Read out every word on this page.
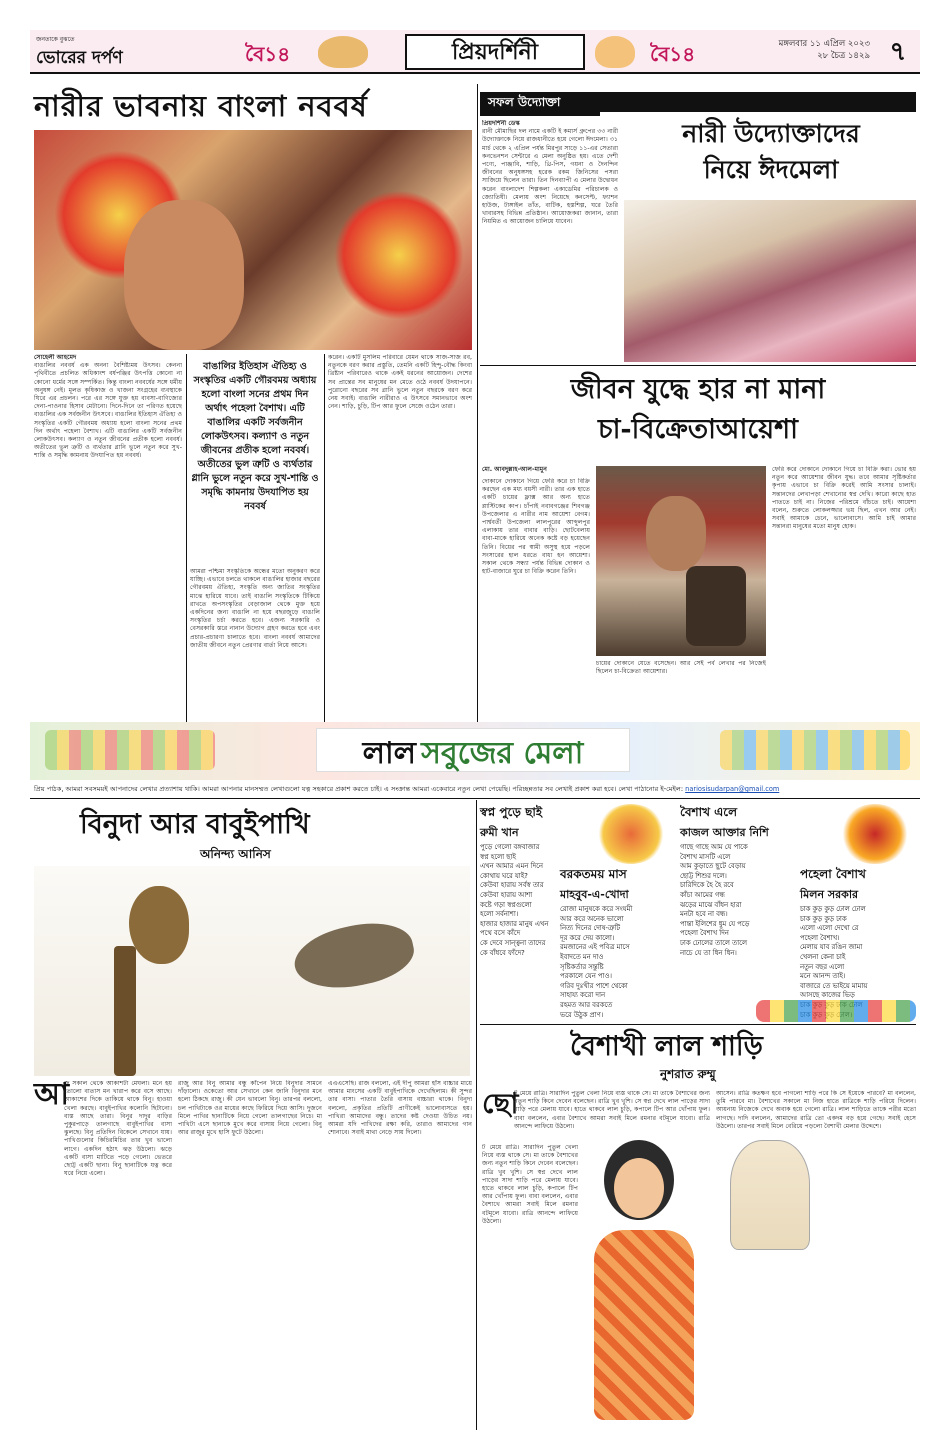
জনতাকে বুঝতে
ভোরের দর্পণ	বৈ১৪	প্রিয়দর্শিনী	বৈ১৪	মঙ্গলবার ১১ এপ্রিল ২০২৩
২৮ চৈত্র ১৪২৯ ৭
নারীর ভাবনায় বাংলা নববর্ষ
সোহেলী আহমেদ
বাঙালির নববর্ষ এক অনন্য বৈশিষ্ট্যময় উৎসব। কেননা পৃথিবীতে প্রচলিত অধিকাংশ বর্ষপঞ্জির উৎপত্তি কোনো না কোনো ধর্মের সঙ্গে সম্পর্কিত। কিন্তু বাংলা নববর্ষের সঙ্গে ধর্মীয় অনুষঙ্গ নেই। মূলত কৃষিকাজ ও খাজনা সংগ্রহের ব্যবস্থাকে ঘিরে এর প্রচলন। পরে এর সঙ্গে যুক্ত হয় ব্যবসা-বাণিজ্যের দেনা-পাওনার হিসাব মেটানো। দিনে-দিনে তা পরিণত হয়েছে বাঙালির এক সর্বজনীন উৎসবে। বাঙালির ইতিহাস ঐতিহ্য ও সংস্কৃতির একটি গৌরবময় অধ্যায় হলো বাংলা সনের প্রথম দিন অর্থাৎ পহেলা বৈশাখ। এটি বাঙালির একটি সর্বজনীন লোকউৎসব। কল্যাণ ও নতুন জীবনের প্রতীক হলো নববর্ষ। অতীতের ভুল ত্রুটি ও ব্যর্থতার গ্লানি ভুলে নতুন করে সুখ-শান্তি ও সমৃদ্ধি কামনায় উদযাপিত হয় নববর্ষ।
বাঙালির ইতিহাস ঐতিহ্য ও সংস্কৃতির একটি গৌরবময় অধ্যায় হলো বাংলা সনের প্রথম দিন অর্থাৎ পহেলা বৈশাখ। এটি বাঙালির একটি সর্বজনীন লোকউৎসব। কল্যাণ ও নতুন জীবনের প্রতীক হলো নববর্ষ। অতীতের ভুল ত্রুটি ও ব্যর্থতার গ্লানি ভুলে নতুন করে সুখ-শান্তি ও সমৃদ্ধি কামনায় উদযাপিত হয় নববর্ষ
আমরা পশ্চিমা সংস্কৃতিকে অন্ধের মতো অনুকরণ করে যাচ্ছি। এভাবে চলতে থাকলে বাঙালির হাজার বছরের গৌরবময় ঐতিহ্য, সংস্কৃতি অন্য জাতির সংস্কৃতির মাঝে হারিয়ে যাবে। তাই বাঙালি সংস্কৃতিকে টিকিয়ে রাখতে অপসংস্কৃতির বেড়াজাল থেকে মুক্ত হয়ে একদিনের জন্য বাঙালি না হয়ে বছরজুড়ে বাঙালি সংস্কৃতির চর্চা করতে হবে। এজন্য সরকারি ও বেসরকারি স্তরে নানান উদ্যোগ গ্রহণ করতে হবে এবং প্রচার-প্রচারণা চালাতে হবে। বাংলা নববর্ষ আমাদের জাতীয় জীবনে নতুন প্রেরণার বার্তা নিয়ে আসে।
করেন। একটি মুসলিম পরিবারে যেমন থাকে সাজ-সাজ রব, নতুনকে বরণ করার প্রস্তুতি, তেমনি একটি হিন্দু-বৌদ্ধ কিংবা খ্রিষ্টান পরিবারেও থাকে একই ধরনের আয়োজন। দেশের সব প্রান্তের সব মানুষের মন মেতে ওঠে নববর্ষ উদযাপনে। পুরোনো বছরের সব গ্লানি ভুলে নতুন বছরকে বরণ করে নেয় সবাই। বাঙালি নারীরাও এ উৎসবে সমানভাবে অংশ নেন। শাড়ি, চুড়ি, টিপ আর ফুলে সেজে ওঠেন তারা।
সফল উদ্যোক্তা
প্রিয়দর্শিনী ডেস্ক
রানী মৌমাছির দল নামে একটি ই কমার্স গ্রুপের ৩৩ নারী উদ্যোক্তাকে নিয়ে রাজধানীতে হয়ে গেলো ঈদমেলা। ৩১ মার্চ থেকে ২ এপ্রিল পর্যন্ত মিরপুর সাড়ে ১১-এর সেতারা কনভেনশন সেন্টারে এ মেলা অনুষ্ঠিত হয়। এতে দেশী পণ্যে, পাঞ্জাবি, শাড়ি, থ্রি-পিস, গয়না ও দৈনন্দিন জীবনের অনুষঙ্গসহ হরেক রকম জিনিসের পসরা সাজিয়ে ছিলেন তারা। তিন দিনব্যাপী এ মেলার উদ্বোধন করেন বাংলাদেশ শিল্পকলা একাডেমির পরিচালক ও জ্যোতিষী। মেলায় অংশ নিয়েছে কনসেপ্ট, ফ্যাশন হাউজ, টাঙ্গাইল তাঁত, বাটিক, হস্তশিল্প, ঘরে তৈরি খাবারসহ বিভিন্ন প্রতিষ্ঠান। আয়োজকরা জানান, তারা নিয়মিত এ আয়োজন চালিয়ে যাবেন।
নারী উদ্যোক্তাদের
নিয়ে ঈদমেলা
জীবন যুদ্ধে হার না মানা
চা-বিক্রেতাআয়েশা
মো. আবদুল্লাহ-আল-মামুন
দোকানে দোকানে গিয়ে ফেরি করে চা বিক্রি করছেন এক মধ্য বয়সী নারী। তার এক হাতে একটি চায়ের ফ্লাক্স আর অন্য হাতে প্লাস্টিকের কাপ। চাঁপাই নবাবগঞ্জের শিবগঞ্জ উপজেলার এ নারীর নাম আয়েশা বেগম। পার্শ্ববর্তী উপজেলা লালপুরের আব্দুলপুর এলাকায় তার বাবার বাড়ি। ছোটবেলায় বাবা-মাকে হারিয়ে অনেক কষ্টে বড় হয়েছেন তিনি। বিয়ের পর স্বামী অসুস্থ হয়ে পড়লে সংসারের হাল ধরতে বাধ্য হন আয়েশা। সকাল থেকে সন্ধ্যা পর্যন্ত বিভিন্ন দোকান ও হাট-বাজারে ঘুরে চা বিক্রি করেন তিনি।
চায়ের দোকানে যেতে বসেছেন। আর সেই পর্ব লেখার পর নিজেই ছিলেন চা-বিক্রেতা আয়েশার।
ফেরি করে দোকানে দোকানে গিয়ে চা বিক্রি করা। ভোর হয় নতুন করে আয়েশার জীবন যুদ্ধ। তবে আমার সৃষ্টিকর্তার কৃপায় এভাবে চা বিক্রি করেই আমি সংসার চালাই। সন্তানদের লেখাপড়া শেখানোর স্বপ্ন দেখি। কারো কাছে হাত পাততে চাই না। নিজের পরিশ্রমে বাঁচতে চাই। আয়েশা বলেন, শুরুতে লোকলজ্জার ভয় ছিল, এখন আর নেই। সবাই আমাকে চেনে, ভালোবাসে। আমি চাই আমার সন্তানরা মানুষের মতো মানুষ হোক।
লাল সবুজের মেলা
প্রিয় পাঠক, আমরা সবসময়ই আপনাদের লেখার প্রত্যাশায় থাকি। আমরা আপনার মানসম্মত লেখাগুলো যত্ন সহকারে প্রকাশ করতে চাই। এ সংক্রান্ত আমরা একেবারে নতুন লেখা পেয়েছি। পরিচ্ছন্নতার সব লেখাই প্রকাশ করা হবে। লেখা পাঠানোর ই-মেইল: nariosisudarpan@gmail.com
বিনুদা আর বাবুইপাখি
অনিন্দ্য আনিস
আ
জ সকাল থেকে আকাশটা মেঘলা। মনে হয় তোলো বাতাস মন খারাপ করে বসে আছে। আকাশের দিকে তাকিয়ে থাকে বিনু। হাওয়া খেলা করছে। বাবুইপাখির কলোনি ছিটানো। ব্যস্ত আছে তারা। বিনুর দাদুর বাড়ির পুকুরপাড়ে তালগাছে বাবুইপাখির বাসা ঝুলছে। বিনু প্রতিদিন বিকেলে সেখানে যায়। পাখিগুলোর কিচিরমিচির তার খুব ভালো লাগে। একদিন হঠাৎ ঝড় উঠলো। ঝড়ে একটি বাসা মাটিতে পড়ে গেলো। ভেতরে ছোট্ট একটি ছানা। বিনু ছানাটিকে যত্ন করে ঘরে নিয়ে এলো।
রাজু আর বিনু আমার বন্ধু কাঁপেন নিয়ে বিনুদার সামনে দাঁড়ালো। ওকেতো আর সেখানে কেন জানি বিনুদার মনে হলো ঠিকছে রাজু। কী যেন ভাবলো বিনু। তারপর বললো, চল পাখিটাকে ওর মায়ের কাছে ফিরিয়ে দিয়ে আসি। দুজনে মিলে পাখির ছানাটিকে নিয়ে গেলো তালগাছের নিচে। মা পাখিটা এসে ছানাকে মুখে করে বাসায় নিয়ে গেলো। বিনু আর রাজুর মুখে হাসি ফুটে উঠলো।
এএএসেছি। রাজ বললো, এই দীপু আমরা হাঁস বাচ্চার মায়ে আমার মাংসের একটি বাবুইপাখিকে দেখেছিলাম। কী সুন্দর তার বাসা। পাতার তৈরি বাসায় বাচ্চারা থাকে। বিনুদা বললো, প্রকৃতির প্রতিটি প্রাণীকেই ভালোবাসতে হয়। পাখিরা আমাদের বন্ধু। তাদের কষ্ট দেওয়া উচিত নয়। আমরা যদি পাখিদের রক্ষা করি, তারাও আমাদের গান শোনাবে। সবাই মাথা নেড়ে সায় দিলো।
স্বপ্ন পুড়ে ছাই
রুমী খান
পুড়ে গেলো বঙ্গবাজার
স্বপ্ন হলো ছাই
এখন আমার এমন দিনে
কোথায় ঘরে যাই?
কেউবা হারায় সর্বস্ব তার
কেউবা হারায় আশা
কষ্টে গড়া স্বপ্নগুলো
হলো সর্বনাশা।
হাজার হাজার মানুষ এখন
পথে বসে কাঁদে
কে দেবে সান্ত্বনা তাদের
কে বাঁধবে ফাঁদে?
বরকতময় মাস
মাহবুব-এ-খোদা
রোজা মানুষকে করে সংযমী
আর করে অনেক ভালো
নিত্য দিনের দোষ-ত্রুটি
দূর করে দেয় কালো।
রমজানের এই পবিত্র মাসে
ইবাদতে মন দাও
সৃষ্টিকর্তার সন্তুষ্টি
পরকালে যেন পাও।
গরিব দুঃখীর পাশে থেকো
সাহায্য করো দান
রহমত আর বরকতে
ভরে উঠুক প্রাণ।
বৈশাখ এলে
কাজল আক্তার নিশি
গাছে গাছে আম যে পাকে
বৈশাখ মাসটি এলে
আম কুড়াতে ছুটে বেড়ায়
ছোট্ট শিশুর দলে।
চারিদিকে হৈ হৈ রবে
কাঁচা আমের গন্ধ
ঝড়ের মাঝে বাঁধন হারা
মনটা হবে না বন্ধ।
পান্তা ইলিশের ধুম যে পড়ে
পহেলা বৈশাখ দিন
ঢাক ঢোলের তালে তালে
নাচে যে তা ধিন ধিন।
পহেলা বৈশাখ
মিলন সরকার
চাক কুড় কুড় ঢোল ঢোল
চাক কুড় কুড় ঢাক
এলো এলো দেখো রে
পহেলা বৈশাখ।
মেলায় যাব রঙিন জামা
খেলনা কেনা চাই
নতুন বছর এলো
মনে আনন্দ তাই।
বাজারে তে ভাইয়ে মামায়
আসছে কাজের ভিড়
বৈশাখী লাল শাড়ি
নুশরাত রুম্মু
ছো
ট মেয়ে রাত্রি। সারাদিন পুতুল খেলা নিয়ে ব্যস্ত থাকে সে। মা তাকে বৈশাখের জন্য নতুন শাড়ি কিনে দেবেন বলেছেন। রাত্রি খুব খুশি। সে স্বপ্ন দেখে লাল পাড়ের সাদা শাড়ি পরে মেলায় যাবে। হাতে থাকবে লাল চুড়ি, কপালে টিপ আর খোঁপায় ফুল। বাবা বললেন, এবার বৈশাখে আমরা সবাই মিলে রমনার বটমূলে যাবো। রাত্রি আনন্দে লাফিয়ে উঠলো।
ট মেয়ে রাত্রি। সারাদিন পুতুল খেলা নিয়ে ব্যস্ত থাকে সে। মা তাকে বৈশাখের জন্য নতুন শাড়ি কিনে দেবেন বলেছেন। রাত্রি খুব খুশি। সে স্বপ্ন দেখে লাল পাড়ের সাদা শাড়ি পরে মেলায় যাবে। হাতে থাকবে লাল চুড়ি, কপালে টিপ আর খোঁপায় ফুল। বাবা বললেন, এবার বৈশাখে আমরা সবাই মিলে রমনার বটমূলে যাবো। রাত্রি আনন্দে লাফিয়ে উঠলো।
আসেন। রাত্রি কতক্ষণ হবে পাগলো শাড়ি পরে কি সে ইয়েকে পারবে? মা বললেন, তুমি পারবে মা। বৈশাখের সকালে মা নিজ হাতে রাত্রিকে শাড়ি পরিয়ে দিলেন। আয়নায় নিজেকে দেখে অবাক হয়ে গেলো রাত্রি। লাল শাড়িতে তাকে পরীর মতো লাগছে। দাদি বললেন, আমাদের রাত্রি তো একদম বড় হয়ে গেছে। সবাই হেসে উঠলো। তারপর সবাই মিলে বেরিয়ে পড়লো বৈশাখী মেলার উদ্দেশে।
